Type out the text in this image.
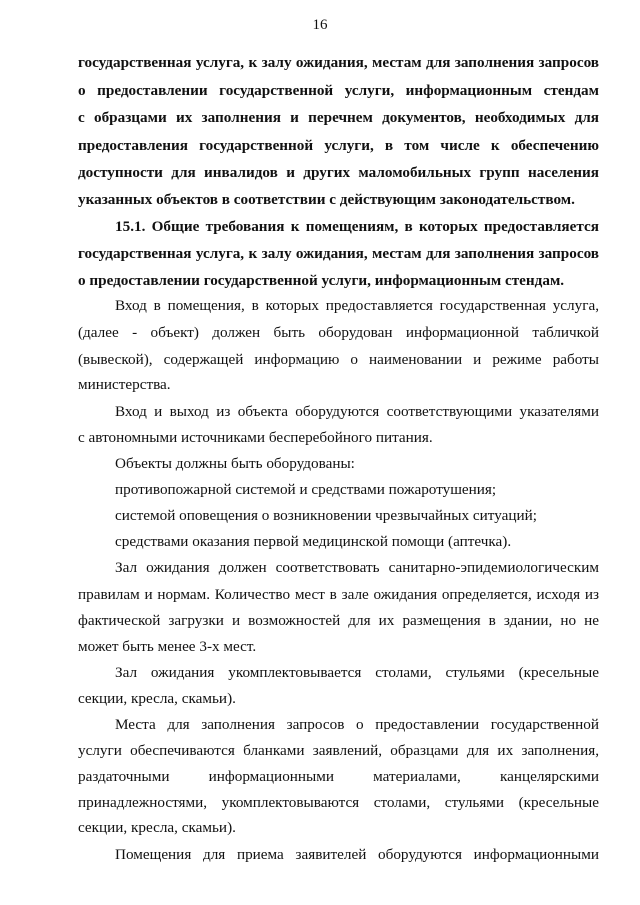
16
государственная услуга, к залу ожидания, местам для заполнения запросов
о предоставлении государственной услуги, информационным стендам
с образцами их заполнения и перечнем документов, необходимых для
предоставления государственной услуги, в том числе к обеспечению
доступности для инвалидов и других маломобильных групп населения
указанных объектов в соответствии с действующим законодательством.
15.1. Общие требования к помещениям, в которых предоставляется
государственная услуга, к залу ожидания, местам для заполнения запросов
о предоставлении государственной услуги, информационным стендам.
Вход в помещения, в которых предоставляется государственная услуга,
(далее - объект) должен быть оборудован информационной табличкой
(вывеской), содержащей информацию о наименовании и режиме работы
министерства.
Вход и выход из объекта оборудуются соответствующими указателями
с автономными источниками бесперебойного питания.
Объекты должны быть оборудованы:
противопожарной системой и средствами пожаротушения;
системой оповещения о возникновении чрезвычайных ситуаций;
средствами оказания первой медицинской помощи (аптечка).
Зал ожидания должен соответствовать санитарно-эпидемиологическим
правилам и нормам. Количество мест в зале ожидания определяется, исходя из
фактической загрузки и возможностей для их размещения в здании, но не
может быть менее 3-х мест.
Зал ожидания укомплектовывается столами, стульями (кресельные
секции, кресла, скамьи).
Места для заполнения запросов о предоставлении государственной
услуги обеспечиваются бланками заявлений, образцами для их заполнения,
раздаточными информационными материалами, канцелярскими
принадлежностями, укомплектовываются столами, стульями (кресельные
секции, кресла, скамьи).
Помещения для приема заявителей оборудуются информационными
